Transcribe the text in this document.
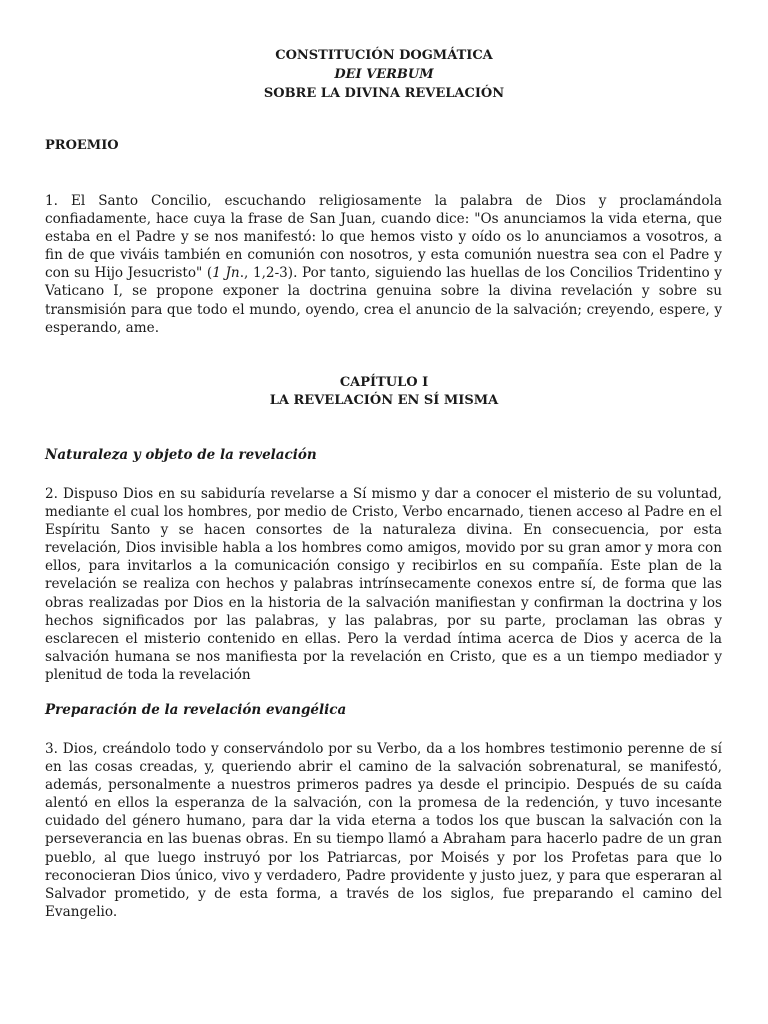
CONSTITUCIÓN DOGMÁTICA
DEI VERBUM
SOBRE LA DIVINA REVELACIÓN
PROEMIO
1. El Santo Concilio, escuchando religiosamente la palabra de Dios y proclamándola confiadamente, hace cuya la frase de San Juan, cuando dice: "Os anunciamos la vida eterna, que estaba en el Padre y se nos manifestó: lo que hemos visto y oído os lo anunciamos a vosotros, a fin de que viváis también en comunión con nosotros, y esta comunión nuestra sea con el Padre y con su Hijo Jesucristo" (1 Jn., 1,2-3). Por tanto, siguiendo las huellas de los Concilios Tridentino y Vaticano I, se propone exponer la doctrina genuina sobre la divina revelación y sobre su transmisión para que todo el mundo, oyendo, crea el anuncio de la salvación; creyendo, espere, y esperando, ame.
CAPÍTULO I
LA REVELACIÓN EN SÍ MISMA
Naturaleza y objeto de la revelación
2. Dispuso Dios en su sabiduría revelarse a Sí mismo y dar a conocer el misterio de su voluntad, mediante el cual los hombres, por medio de Cristo, Verbo encarnado, tienen acceso al Padre en el Espíritu Santo y se hacen consortes de la naturaleza divina. En consecuencia, por esta revelación, Dios invisible habla a los hombres como amigos, movido por su gran amor y mora con ellos, para invitarlos a la comunicación consigo y recibirlos en su compañía. Este plan de la revelación se realiza con hechos y palabras intrínsecamente conexos entre sí, de forma que las obras realizadas por Dios en la historia de la salvación manifiestan y confirman la doctrina y los hechos significados por las palabras, y las palabras, por su parte, proclaman las obras y esclarecen el misterio contenido en ellas. Pero la verdad íntima acerca de Dios y acerca de la salvación humana se nos manifiesta por la revelación en Cristo, que es a un tiempo mediador y plenitud de toda la revelación
Preparación de la revelación evangélica
3. Dios, creándolo todo y conservándolo por su Verbo, da a los hombres testimonio perenne de sí en las cosas creadas, y, queriendo abrir el camino de la salvación sobrenatural, se manifestó, además, personalmente a nuestros primeros padres ya desde el principio. Después de su caída alentó en ellos la esperanza de la salvación, con la promesa de la redención, y tuvo incesante cuidado del género humano, para dar la vida eterna a todos los que buscan la salvación con la perseverancia en las buenas obras. En su tiempo llamó a Abraham para hacerlo padre de un gran pueblo, al que luego instruyó por los Patriarcas, por Moisés y por los Profetas para que lo reconocieran Dios único, vivo y verdadero, Padre providente y justo juez, y para que esperaran al Salvador prometido, y de esta forma, a través de los siglos, fue preparando el camino del Evangelio.
